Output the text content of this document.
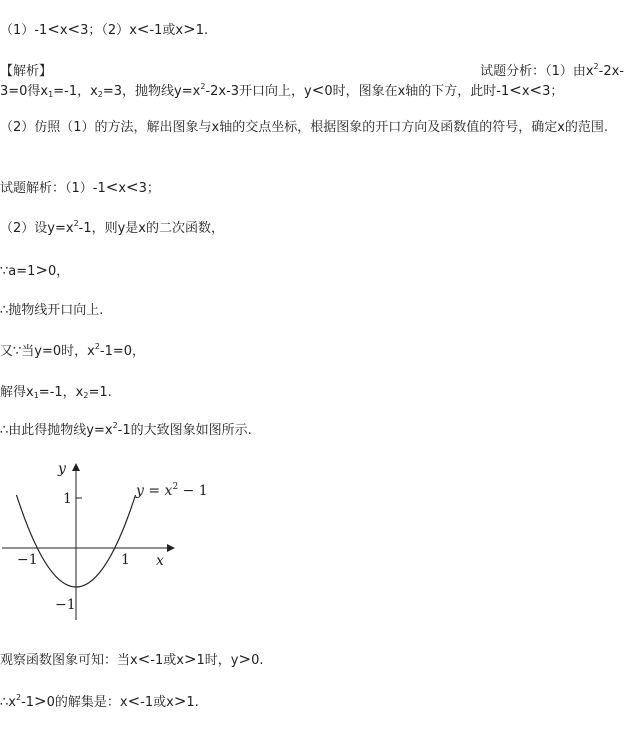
（1）-1<x<3；（2）x<-1或x>1.
【解析】	试题分析：（1）由$x^2-2x-$
3=0得$x_1=-1$，$x_2=3$，抛物线$y=x^2-2x-3$开口向上，y<0时，图象在x轴的下方，此时-1<x<3；
（2）仿照（1）的方法，解出图象与x轴的交点坐标，根据图象的开口方向及函数值的符号，确定x的范围.
试题解析：（1）-1<x<3；
（2）设$y=x^2-1$，则y是x的二次函数，
∵a=1>0，
∴抛物线开口向上.
又∵当y=0时，$x^2-1=0$，
解得$x_1=-1$，$x_2=1$.
∴由此得抛物线$y=x^2-1$的大致图象如图所示.
y
x
1
−1
−1	1
$y = x^2 - 1$
观察函数图象可知：当x<-1或x>1时，y>0.
$\therefore x^2-1>0$的解集是：x<-1或x>1.
